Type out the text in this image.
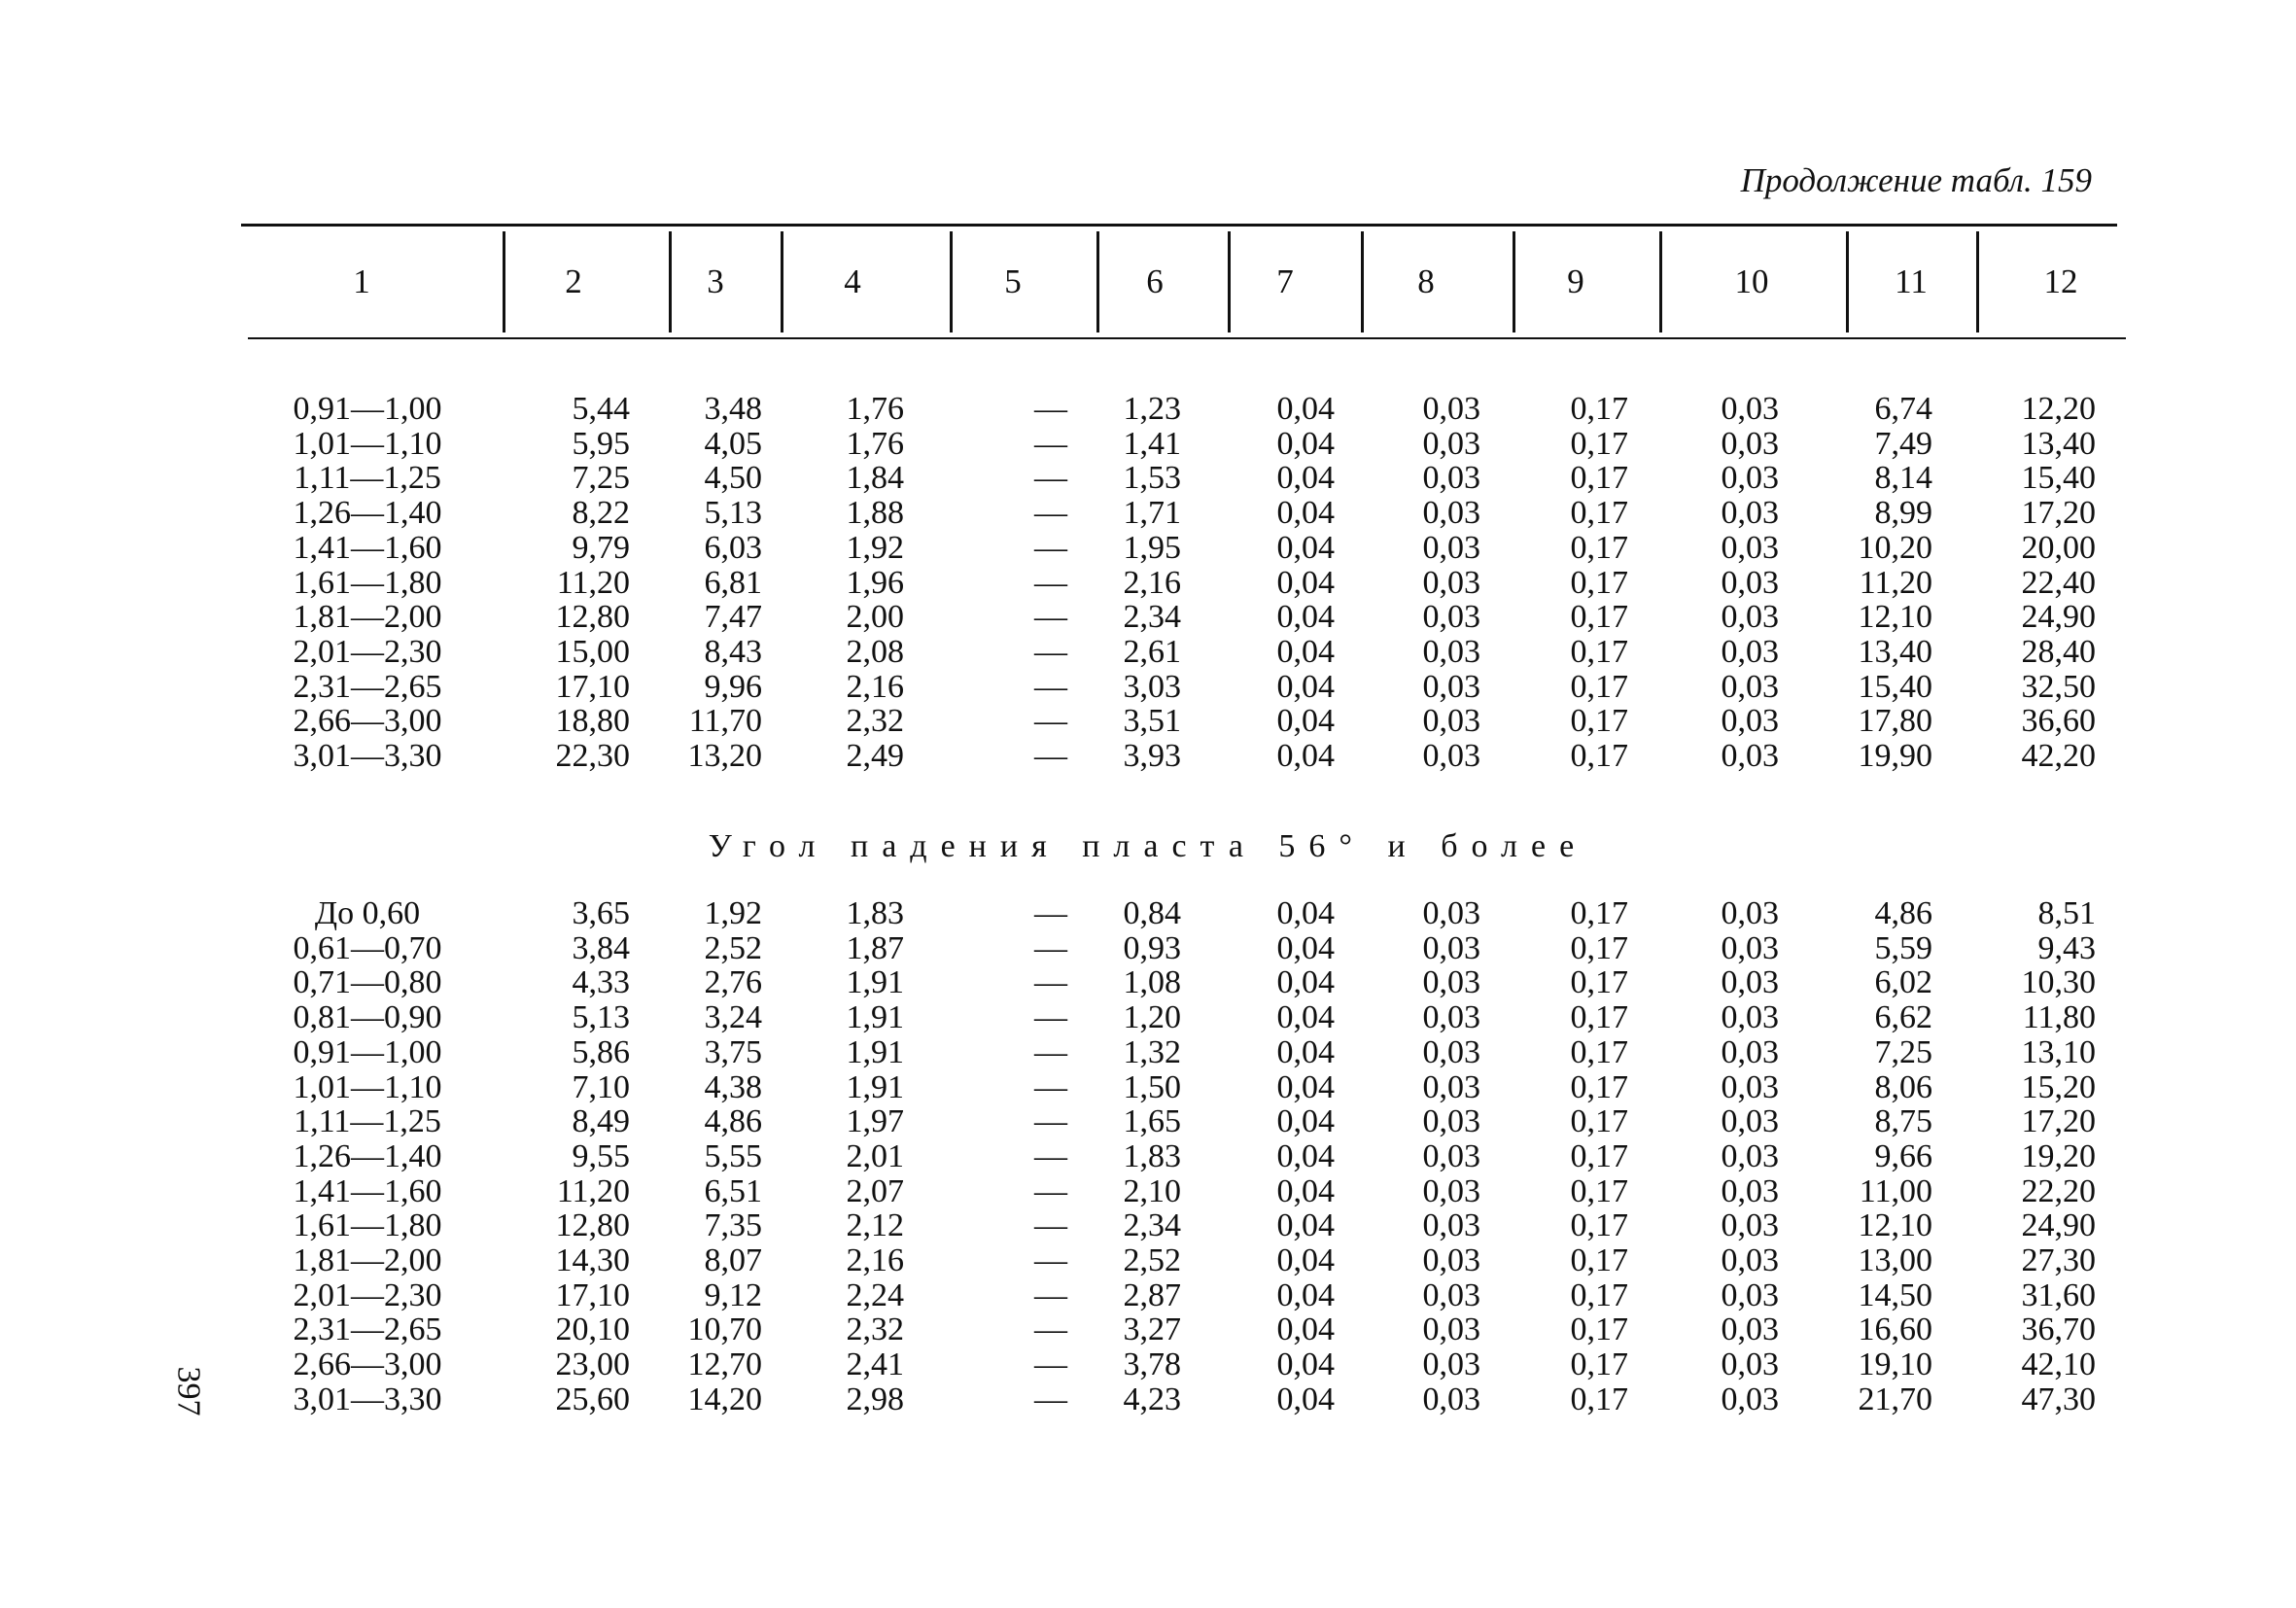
Продолжение табл. 159
1	2	3	4	5	6	7	8	9	10	11	12
0,91—1,00	5,44	3,48	1,76	—	1,23	0,04	0,03	0,17	0,03	6,74	12,20
1,01—1,10	5,95	4,05	1,76	—	1,41	0,04	0,03	0,17	0,03	7,49	13,40
1,11—1,25	7,25	4,50	1,84	—	1,53	0,04	0,03	0,17	0,03	8,14	15,40
1,26—1,40	8,22	5,13	1,88	—	1,71	0,04	0,03	0,17	0,03	8,99	17,20
1,41—1,60	9,79	6,03	1,92	—	1,95	0,04	0,03	0,17	0,03	10,20	20,00
1,61—1,80	11,20	6,81	1,96	—	2,16	0,04	0,03	0,17	0,03	11,20	22,40
1,81—2,00	12,80	7,47	2,00	—	2,34	0,04	0,03	0,17	0,03	12,10	24,90
2,01—2,30	15,00	8,43	2,08	—	2,61	0,04	0,03	0,17	0,03	13,40	28,40
2,31—2,65	17,10	9,96	2,16	—	3,03	0,04	0,03	0,17	0,03	15,40	32,50
2,66—3,00	18,80	11,70	2,32	—	3,51	0,04	0,03	0,17	0,03	17,80	36,60
3,01—3,30	22,30	13,20	2,49	—	3,93	0,04	0,03	0,17	0,03	19,90	42,20
Угол падения пласта 56° и более
До 0,60	3,65	1,92	1,83	—	0,84	0,04	0,03	0,17	0,03	4,86	8,51
0,61—0,70	3,84	2,52	1,87	—	0,93	0,04	0,03	0,17	0,03	5,59	9,43
0,71—0,80	4,33	2,76	1,91	—	1,08	0,04	0,03	0,17	0,03	6,02	10,30
0,81—0,90	5,13	3,24	1,91	—	1,20	0,04	0,03	0,17	0,03	6,62	11,80
0,91—1,00	5,86	3,75	1,91	—	1,32	0,04	0,03	0,17	0,03	7,25	13,10
1,01—1,10	7,10	4,38	1,91	—	1,50	0,04	0,03	0,17	0,03	8,06	15,20
1,11—1,25	8,49	4,86	1,97	—	1,65	0,04	0,03	0,17	0,03	8,75	17,20
1,26—1,40	9,55	5,55	2,01	—	1,83	0,04	0,03	0,17	0,03	9,66	19,20
1,41—1,60	11,20	6,51	2,07	—	2,10	0,04	0,03	0,17	0,03	11,00	22,20
1,61—1,80	12,80	7,35	2,12	—	2,34	0,04	0,03	0,17	0,03	12,10	24,90
1,81—2,00	14,30	8,07	2,16	—	2,52	0,04	0,03	0,17	0,03	13,00	27,30
2,01—2,30	17,10	9,12	2,24	—	2,87	0,04	0,03	0,17	0,03	14,50	31,60
2,31—2,65	20,10	10,70	2,32	—	3,27	0,04	0,03	0,17	0,03	16,60	36,70
2,66—3,00	23,00	12,70	2,41	—	3,78	0,04	0,03	0,17	0,03	19,10	42,10
3,01—3,30	25,60	14,20	2,98	—	4,23	0,04	0,03	0,17	0,03	21,70	47,30
397
